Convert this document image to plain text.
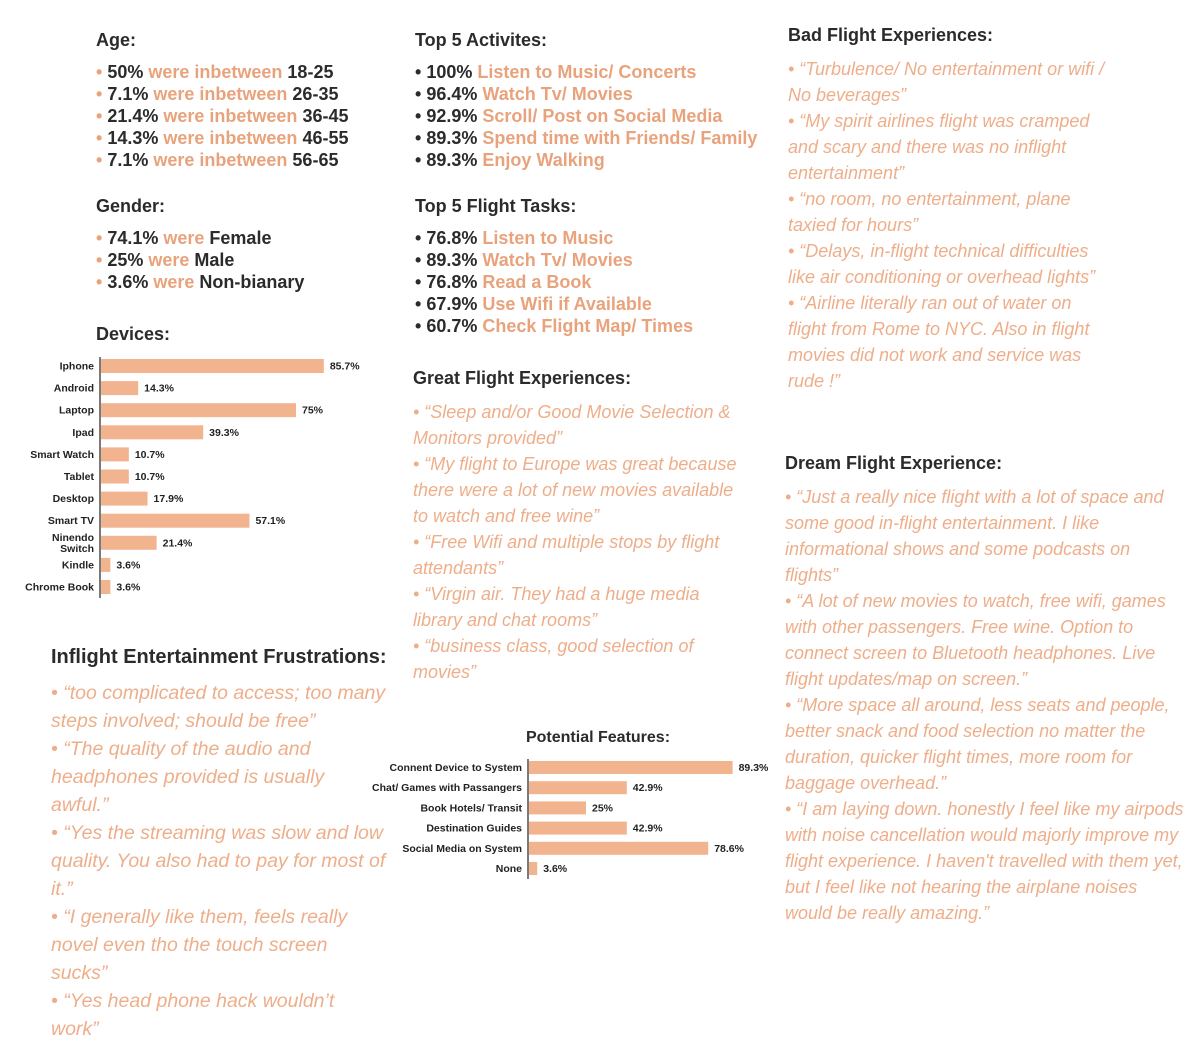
Age:
• 50% were inbetween 18-25
• 7.1% were inbetween 26-35
• 21.4% were inbetween 36-45
• 14.3% were inbetween 46-55
• 7.1% were inbetween 56-65
Gender:
• 74.1% were Female
• 25% were Male
• 3.6% were Non-bianary
Devices:
Iphone	85.7%
Android	14.3%
Laptop	75%
Ipad	39.3%
Smart Watch	10.7%
Tablet	10.7%
Desktop	17.9%
Smart TV	57.1%
Ninendo
Switch	21.4%
Kindle 3.6%
Chrome Book 3.6%
Inflight Entertainment Frustrations:
• “too complicated to access; too many steps involved; should be free”
• “The quality of the audio and headphones provided is usually awful.”
• “Yes the streaming was slow and low quality. You also had to pay for most of it.”
• “I generally like them, feels really novel even tho the touch screen sucks”
• “Yes head phone hack wouldn’t work”
Top 5 Activites:
• 100% Listen to Music/ Concerts
• 96.4% Watch Tv/ Movies
• 92.9% Scroll/ Post on Social Media
• 89.3% Spend time with Friends/ Family
• 89.3% Enjoy Walking
Top 5 Flight Tasks:
• 76.8% Listen to Music
• 89.3% Watch Tv/ Movies
• 76.8% Read a Book
• 67.9% Use Wifi if Available
• 60.7% Check Flight Map/ Times
Great Flight Experiences:
• “Sleep and/or Good Movie Selection & Monitors provided”
• “My flight to Europe was great because there were a lot of new movies available to watch and free wine”
• “Free Wifi and multiple stops by flight attendants”
• “Virgin air. They had a huge media library and chat rooms”
• “business class, good selection of movies”
Potential Features:
Connent Device to System	89.3%
Chat/ Games with Passangers	42.9%
Book Hotels/ Transit	25%
Destination Guides	42.9%
Social Media on System	78.6%
None 3.6%
Bad Flight Experiences:
• “Turbulence/ No entertainment or wifi / No beverages”
• “My spirit airlines flight was cramped and scary and there was no inflight entertainment”
• “no room, no entertainment, plane taxied for hours”
• “Delays, in-flight technical difficulties like air conditioning or overhead lights”
• “Airline literally ran out of water on flight from Rome to NYC. Also in flight movies did not work and service was rude !”
Dream Flight Experience:
• “Just a really nice flight with a lot of space and some good in-flight entertainment. I like informational shows and some podcasts on flights”
• “A lot of new movies to watch, free wifi, games with other passengers. Free wine. Option to connect screen to Bluetooth headphones. Live flight updates/map on screen.”
• “More space all around, less seats and people, better snack and food selection no matter the duration, quicker flight times, more room for baggage overhead.”
• “I am laying down. honestly I feel like my airpods with noise cancellation would majorly improve my flight experience. I haven't travelled with them yet, but I feel like not hearing the airplane noises would be really amazing.”
